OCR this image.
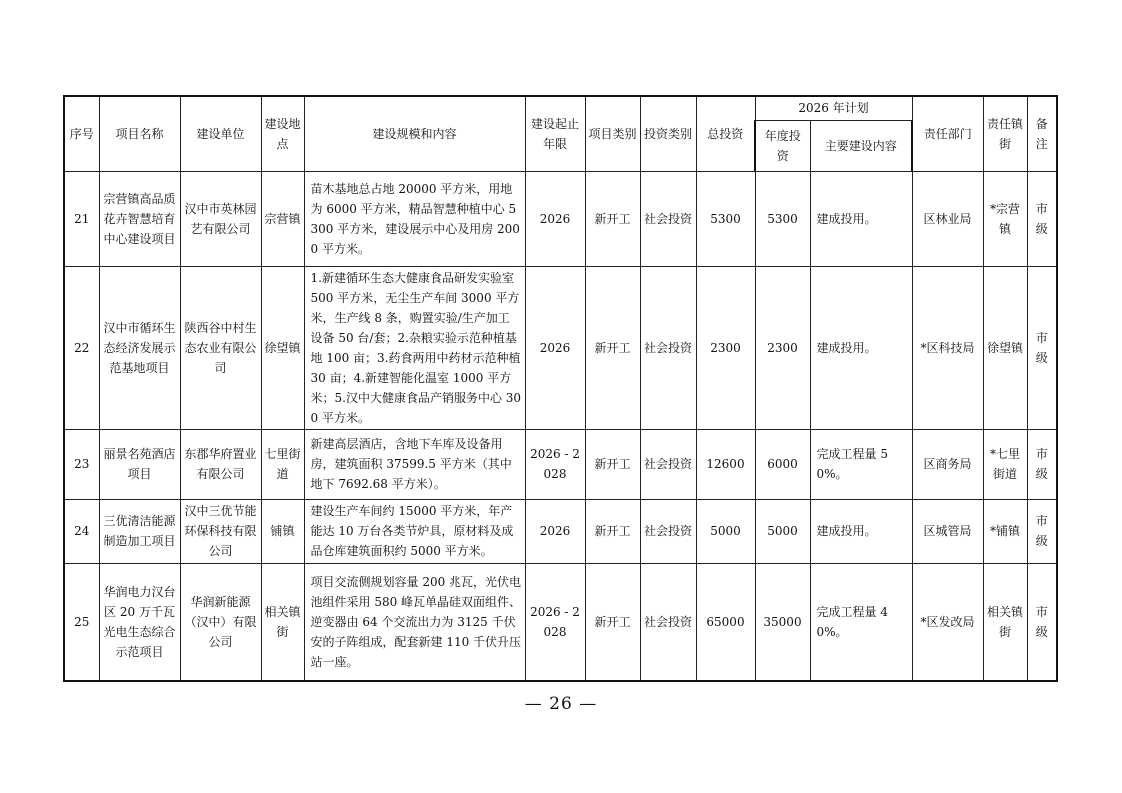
序号	项目名称	建设单位	建设地点	建设规模和内容	建设起止年限	项目类别	投资类别	总投资	2026 年计划		责任部门	责任镇街	备注
									年度投资	主要建设内容			
21	宗营镇高品质花卉智慧培育中心建设项目	汉中市英林园艺有限公司	宗营镇	苗木基地总占地 20000 平方米，用地为 6000 平方米，精品智慧种植中心 5300 平方米，建设展示中心及用房 2000 平方米。	2026	新开工	社会投资	5300	5300	建成投用。	区林业局	*宗营镇	市级
22	汉中市循环生态经济发展示范基地项目	陕西谷中村生态农业有限公司	徐望镇	1.新建循环生态大健康食品研发实验室 500 平方米，无尘生产车间 3000 平方米，生产线 8 条，购置实验/生产加工设备 50 台/套；2.杂粮实验示范种植基地 100 亩；3.药食两用中药材示范种植 30 亩；4.新建智能化温室 1000 平方米；5.汉中大健康食品产销服务中心 300 平方米。	2026	新开工	社会投资	2300	2300	建成投用。	*区科技局	徐望镇	市级
23	丽景名苑酒店项目	东郡华府置业有限公司	七里街道	新建高层酒店，含地下车库及设备用房，建筑面积 37599.5 平方米（其中地下 7692.68 平方米）。	2026 - 2028	新开工	社会投资	12600	6000	完成工程量 50%。	区商务局	*七里街道	市级
24	三优清洁能源制造加工项目	汉中三优节能环保科技有限公司	铺镇	建设生产车间约 15000 平方米，年产能达 10 万台各类节炉具，原材料及成品仓库建筑面积约 5000 平方米。	2026	新开工	社会投资	5000	5000	建成投用。	区城管局	*铺镇	市级
25	华润电力汉台区 20 万千瓦光电生态综合示范项目	华润新能源（汉中）有限公司	相关镇街	项目交流侧规划容量 200 兆瓦，光伏电池组件采用 580 峰瓦单晶硅双面组件、逆变器由 64 个交流出力为 3125 千伏安的子阵组成，配套新建 110 千伏升压站一座。	2026 - 2028	新开工	社会投资	65000	35000	完成工程量 40%。	*区发改局	相关镇街	市级
— 26 —
